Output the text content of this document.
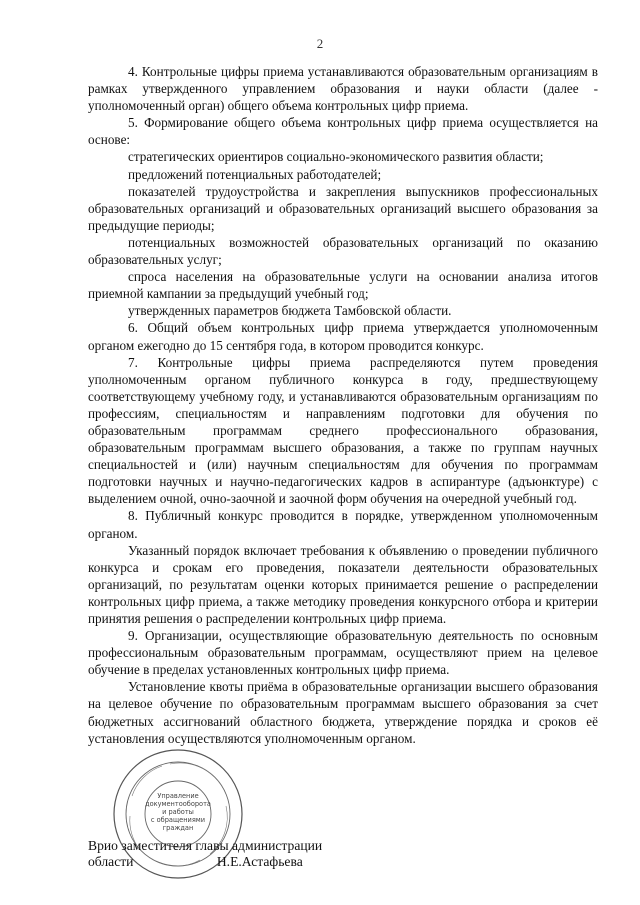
2

4. Контрольные цифры приема устанавливаются образовательным организациям в рамках утвержденного управлением образования и науки области (далее - уполномоченный орган) общего объема контрольных цифр приема.

5. Формирование общего объема контрольных цифр приема осуществляется на основе:

стратегических ориентиров социально-экономического развития области;

предложений потенциальных работодателей;

показателей трудоустройства и закрепления выпускников профессиональных образовательных организаций и образовательных организаций высшего образования за предыдущие периоды;

потенциальных возможностей образовательных организаций по оказанию образовательных услуг;

спроса населения на образовательные услуги на основании анализа итогов приемной кампании за предыдущий учебный год;

утвержденных параметров бюджета Тамбовской области.

6. Общий объем контрольных цифр приема утверждается уполномоченным органом ежегодно до 15 сентября года, в котором проводится конкурс.

7. Контрольные цифры приема распределяются путем проведения уполномоченным органом публичного конкурса в году, предшествующему соответствующему учебному году, и устанавливаются образовательным организациям по профессиям, специальностям и направлениям подготовки для обучения по образовательным программам среднего профессионального образования, образовательным программам высшего образования, а также по группам научных специальностей и (или) научным специальностям для обучения по программам подготовки научных и научно-педагогических кадров в аспирантуре (адъюнктуре) с выделением очной, очно-заочной и заочной форм обучения на очередной учебный год.

8. Публичный конкурс проводится в порядке, утвержденном уполномоченным органом.

Указанный порядок включает требования к объявлению о проведении публичного конкурса и срокам его проведения, показатели деятельности образовательных организаций, по результатам оценки которых принимается решение о распределении контрольных цифр приема, а также методику проведения конкурсного отбора и критерии принятия решения о распределении контрольных цифр приема.

9. Организации, осуществляющие образовательную деятельность по основным профессиональным образовательным программам, осуществляют прием на целевое обучение в пределах установленных контрольных цифр приема.

Установление квоты приёма в образовательные организации высшего образования на целевое обучение по образовательным программам высшего образования за счет бюджетных ассигнований областного бюджета, утверждение порядка и сроков её установления осуществляются уполномоченным органом.

Управление
документооборота
и работы
с обращениями
граждан

Врио заместителя главы администрации

области	Н.Е.Астафьева
